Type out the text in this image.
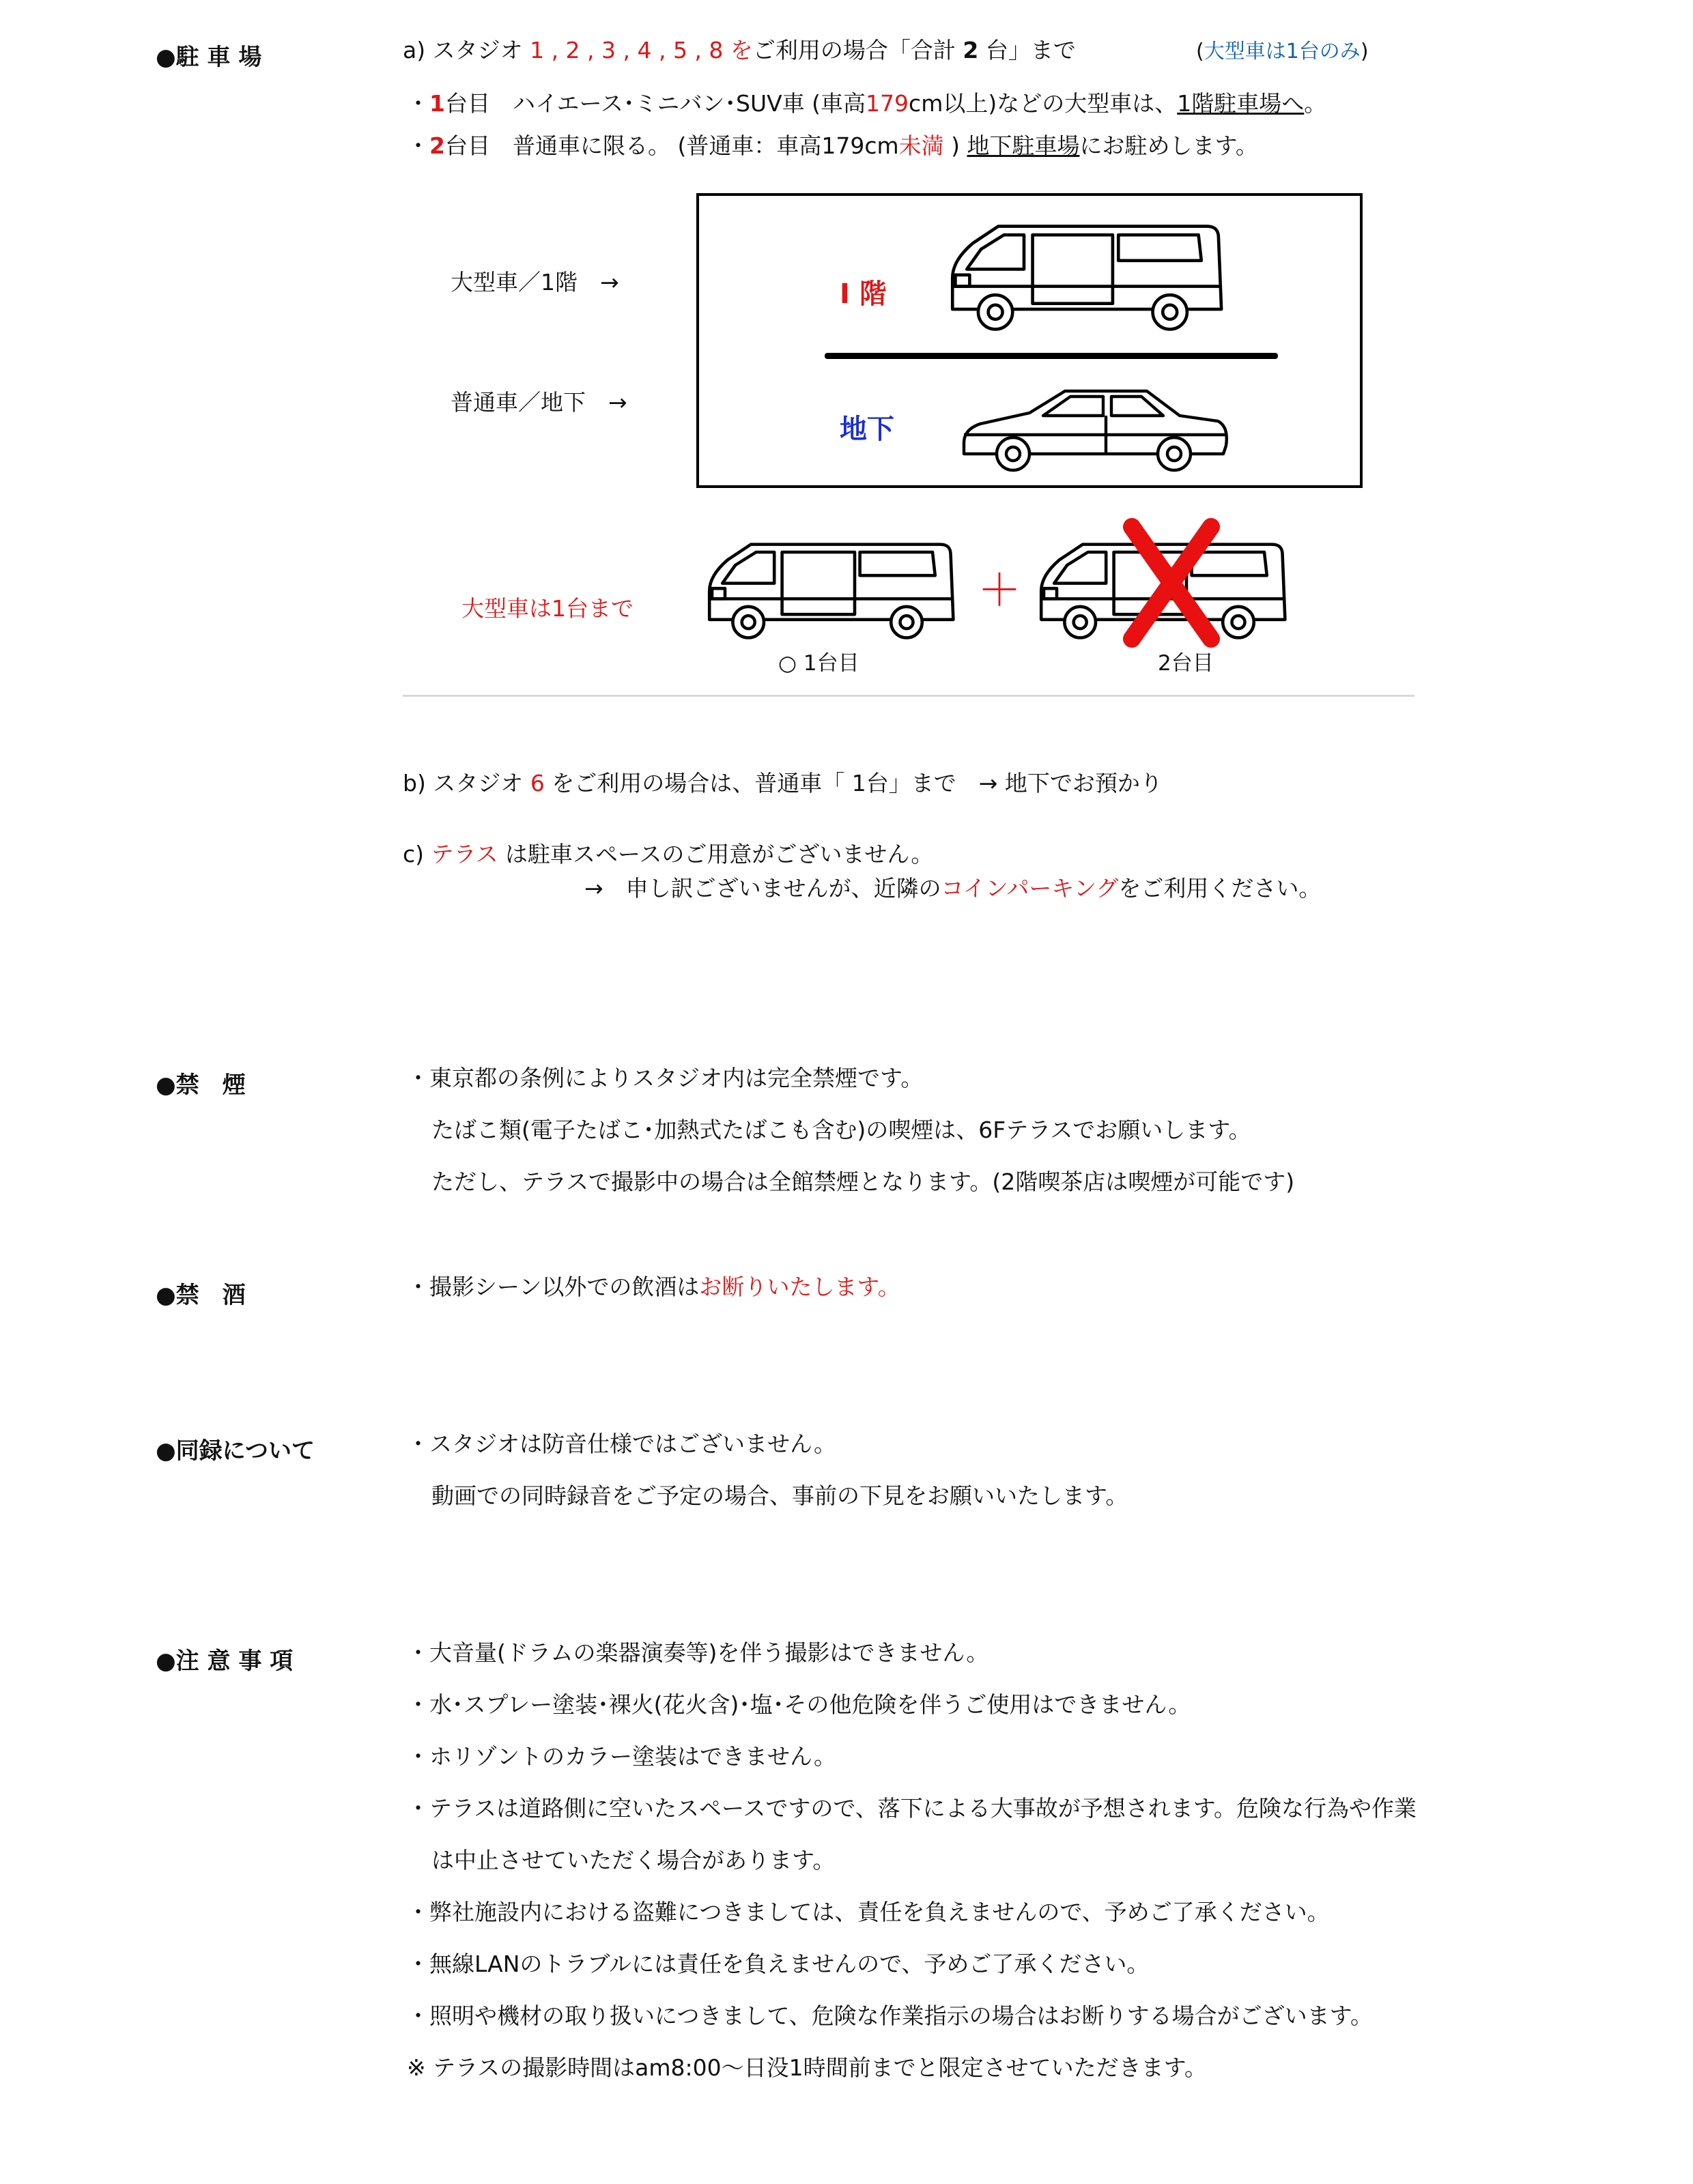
●駐 車 場	a) スタジオ 1 , 2 , 3 , 4 , 5 , 8 をご利用の場合「合計 2 台」まで	(大型車は1台のみ)
・1台目　ハイエース･ミニバン･SUV車 (車高179cm以上)などの大型車は、1階駐車場へ。
・2台目　普通車に限る。 (普通車：車高179cm未満 ) 地下駐車場にお駐めします。
大型車／1階　→
普通車／地下　→
I 階
地下
大型車は1台まで	＋
○ 1台目	2台目
b) スタジオ 6 をご利用の場合は、普通車「 1台」まで　→ 地下でお預かり
c) テラス は駐車スペースのご用意がございません。
→　申し訳ございませんが、近隣のコインパーキングをご利用ください。
●禁　煙	・東京都の条例によりスタジオ内は完全禁煙です。
たばこ類(電子たばこ･加熱式たばこも含む)の喫煙は、6Fテラスでお願いします。
ただし、テラスで撮影中の場合は全館禁煙となります。(2階喫茶店は喫煙が可能です)
●禁　酒	・撮影シーン以外での飲酒はお断りいたします。
●同録について	・スタジオは防音仕様ではございません。
動画での同時録音をご予定の場合、事前の下見をお願いいたします。
●注 意 事 項	・大音量(ドラムの楽器演奏等)を伴う撮影はできません。
・水･スプレー塗装･裸火(花火含)･塩･その他危険を伴うご使用はできません。
・ホリゾントのカラー塗装はできません。
・テラスは道路側に空いたスペースですので、落下による大事故が予想されます。危険な行為や作業
は中止させていただく場合があります。
・弊社施設内における盗難につきましては、責任を負えませんので、予めご了承ください。
・無線LANのトラブルには責任を負えませんので、予めご了承ください。
・照明や機材の取り扱いにつきまして、危険な作業指示の場合はお断りする場合がございます。
※ テラスの撮影時間はam8:00〜日没1時間前までと限定させていただきます。
